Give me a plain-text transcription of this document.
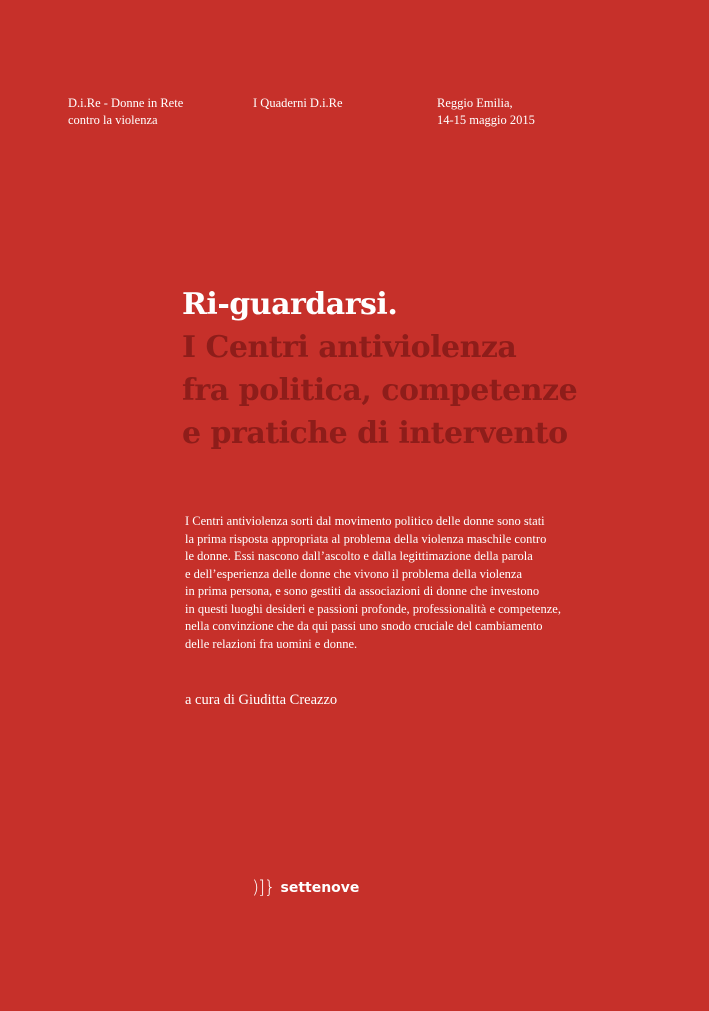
D.i.Re - Donne in Rete
contro la violenza
I Quaderni D.i.Re	Reggio Emilia,
14-15 maggio 2015
Ri-guardarsi.
I Centri antiviolenza
fra politica, competenze
e pratiche di intervento
I Centri antiviolenza sorti dal movimento politico delle donne sono stati
la prima risposta appropriata al problema della violenza maschile contro
le donne. Essi nascono dall’ascolto e dalla legittimazione della parola
e dell’esperienza delle donne che vivono il problema della violenza
in prima persona, e sono gestiti da associazioni di donne che investono
in questi luoghi desideri e passioni profonde, professionalità e competenze,
nella convinzione che da qui passi uno snodo cruciale del cambiamento
delle relazioni fra uomini e donne.
a cura di Giuditta Creazzo
)]} settenove
